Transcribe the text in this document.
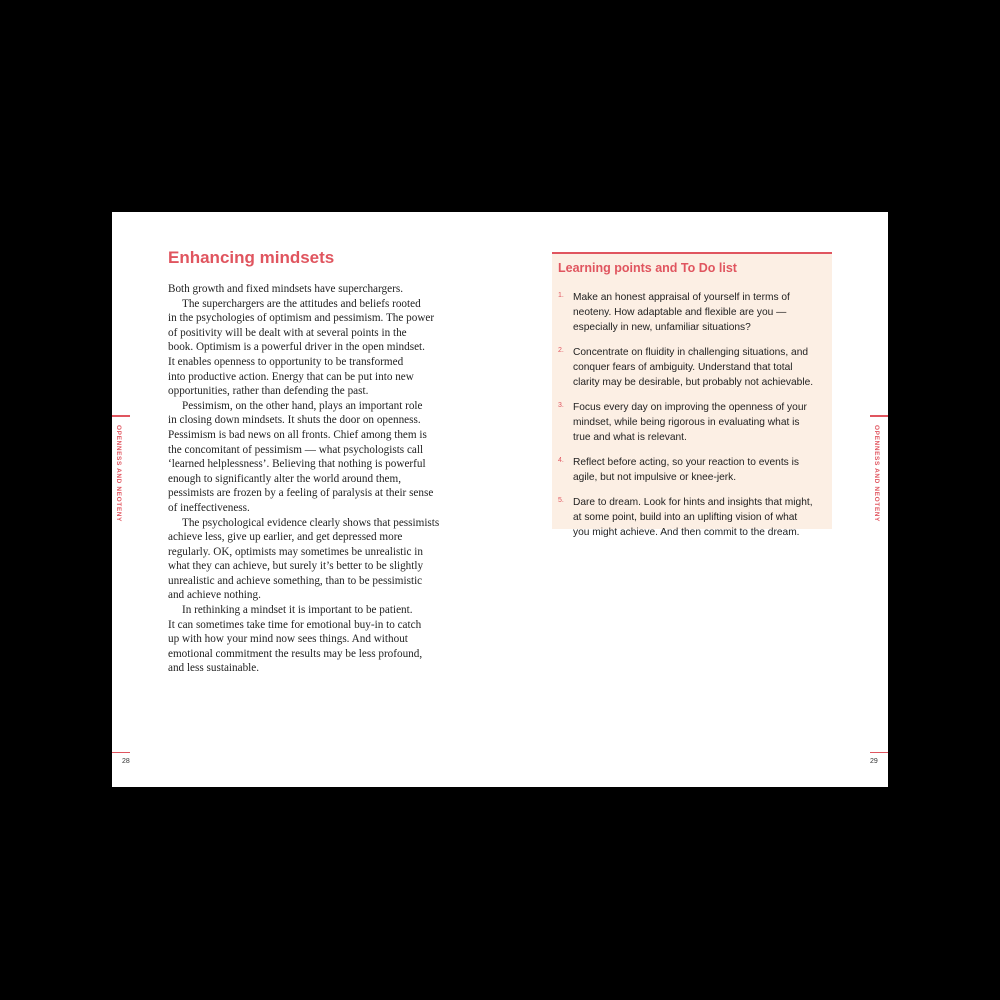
Enhancing mindsets

Both growth and fixed mindsets have superchargers.

The superchargers are the attitudes and beliefs rooted

in the psychologies of optimism and pessimism. The power

of positivity will be dealt with at several points in the

book. Optimism is a powerful driver in the open mindset.

It enables openness to opportunity to be transformed

into productive action. Energy that can be put into new

opportunities, rather than defending the past.

Pessimism, on the other hand, plays an important role

in closing down mindsets. It shuts the door on openness.

Pessimism is bad news on all fronts. Chief among them is

the concomitant of pessimism — what psychologists call

‘learned helplessness’. Believing that nothing is powerful

enough to significantly alter the world around them,

pessimists are frozen by a feeling of paralysis at their sense

of ineffectiveness.

The psychological evidence clearly shows that pessimists

achieve less, give up earlier, and get depressed more

regularly. OK, optimists may sometimes be unrealistic in

what they can achieve, but surely it’s better to be slightly

unrealistic and achieve something, than to be pessimistic

and achieve nothing.

In rethinking a mindset it is important to be patient.

It can sometimes take time for emotional buy-in to catch

up with how your mind now sees things. And without

emotional commitment the results may be less profound,

and less sustainable.

OPENNESS AND NEOTENY
28
Learning points and To Do list
1. Make an honest appraisal of yourself in terms of
neoteny. How adaptable and flexible are you —
especially in new, unfamiliar situations?
2. Concentrate on fluidity in challenging situations, and
conquer fears of ambiguity. Understand that total
clarity may be desirable, but probably not achievable.
3. Focus every day on improving the openness of your
mindset, while being rigorous in evaluating what is
true and what is relevant.
4. Reflect before acting, so your reaction to events is
agile, but not impulsive or knee-jerk.
5. Dare to dream. Look for hints and insights that might,
at some point, build into an uplifting vision of what
you might achieve. And then commit to the dream.
OPENNESS AND NEOTENY
29
